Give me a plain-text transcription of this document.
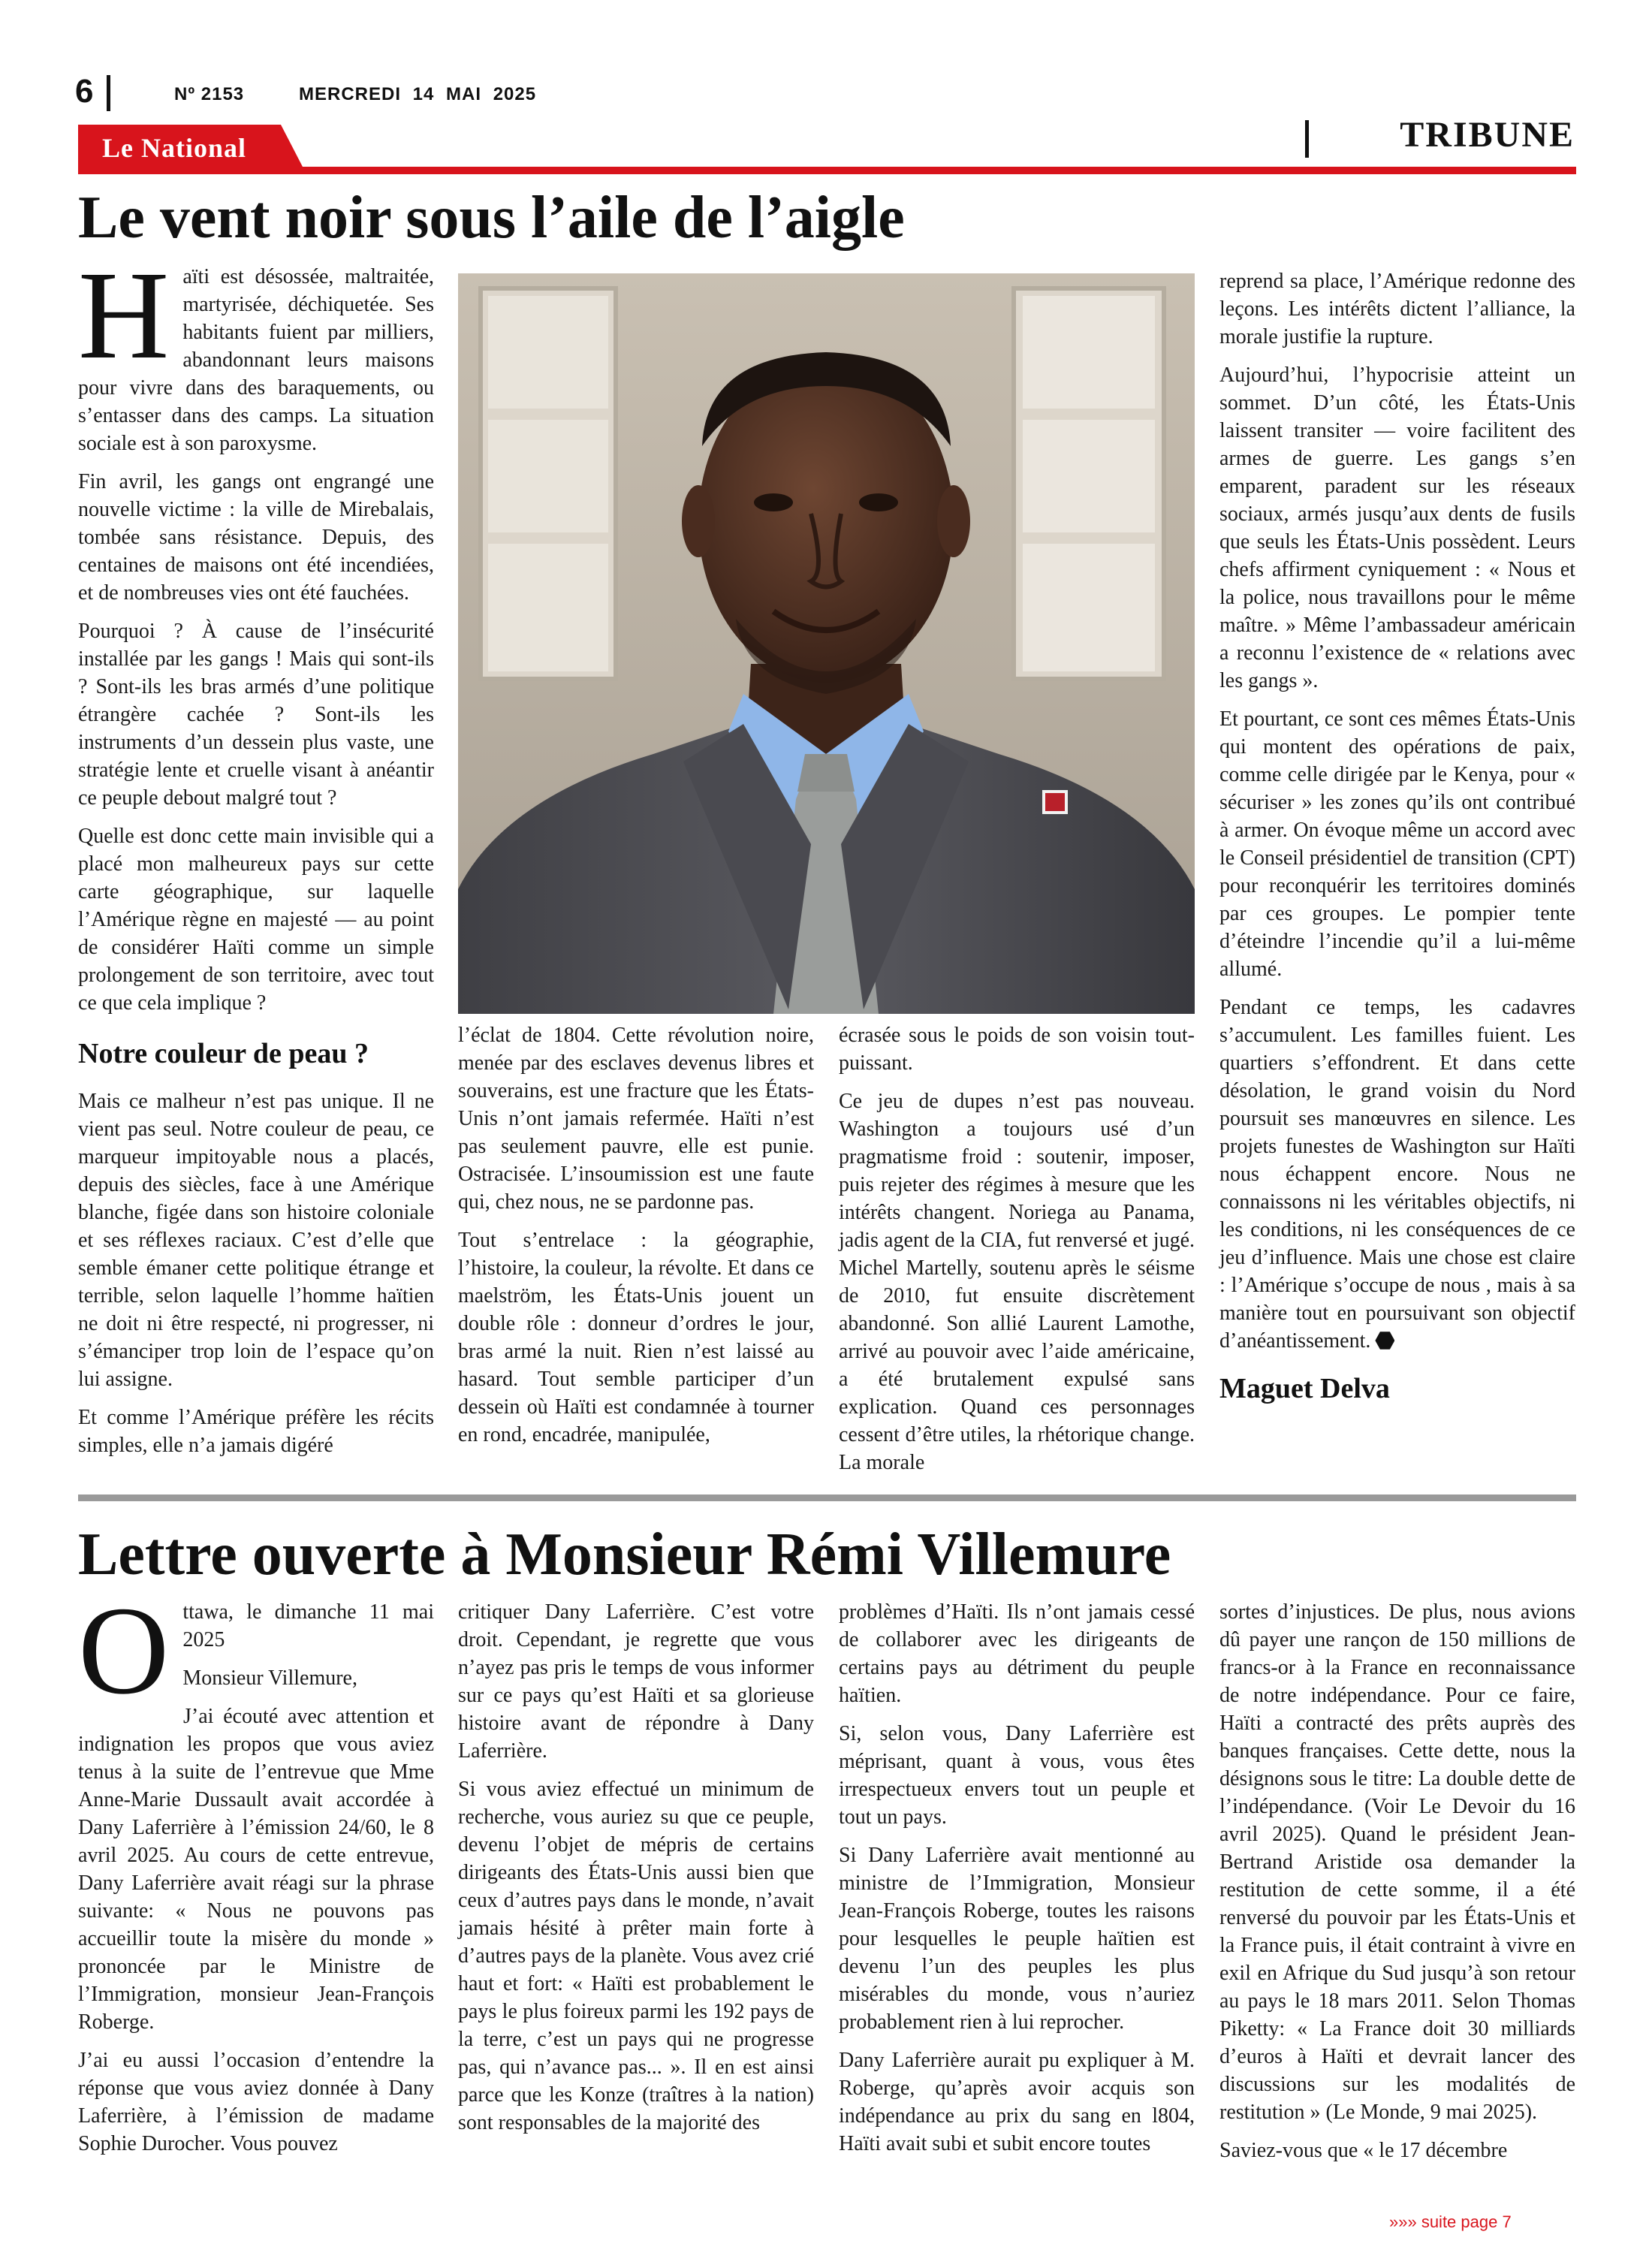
6	Nº 2153	MERCREDI 14 MAI 2025
Le National	TRIBUNE
Le vent noir sous l’aile de l’aigle
H aïti est désossée, maltraitée, martyrisée, déchiquetée. Ses habitants fuient par milliers, abandonnant leurs maisons pour vivre dans des baraquements, ou s’entasser dans des camps. La situation sociale est à son paroxysme.

Fin avril, les gangs ont engrangé une nouvelle victime : la ville de Mirebalais, tombée sans résistance. Depuis, des centaines de maisons ont été incendiées, et de nombreuses vies ont été fauchées.

Pourquoi ? À cause de l’insécurité installée par les gangs ! Mais qui sont-ils ? Sont-ils les bras armés d’une politique étrangère cachée ? Sont-ils les instruments d’un dessein plus vaste, une stratégie lente et cruelle visant à anéantir ce peuple debout malgré tout ?

Quelle est donc cette main invisible qui a placé mon malheureux pays sur cette carte géographique, sur laquelle l’Amérique règne en majesté — au point de considérer Haïti comme un simple prolongement de son territoire, avec tout ce que cela implique ?

Notre couleur de peau ?

Mais ce malheur n’est pas unique. Il ne vient pas seul. Notre couleur de peau, ce marqueur impitoyable nous a placés, depuis des siècles, face à une Amérique blanche, figée dans son histoire coloniale et ses réflexes raciaux. C’est d’elle que semble émaner cette politique étrange et terrible, selon laquelle l’homme haïtien ne doit ni être respecté, ni progresser, ni s’émanciper trop loin de l’espace qu’on lui assigne.

Et comme l’Amérique préfère les récits simples, elle n’a jamais digéré

l’éclat de 1804. Cette révolution noire, menée par des esclaves devenus libres et souverains, est une fracture que les États-Unis n’ont jamais refermée. Haïti n’est pas seulement pauvre, elle est punie. Ostracisée. L’insoumission est une faute qui, chez nous, ne se pardonne pas.

Tout s’entrelace : la géographie, l’histoire, la couleur, la révolte. Et dans ce maelström, les États-Unis jouent un double rôle : donneur d’ordres le jour, bras armé la nuit. Rien n’est laissé au hasard. Tout semble participer d’un dessein où Haïti est condamnée à tourner en rond, encadrée, manipulée,

écrasée sous le poids de son voisin tout-puissant.

Ce jeu de dupes n’est pas nouveau. Washington a toujours usé d’un pragmatisme froid : soutenir, imposer, puis rejeter des régimes à mesure que les intérêts changent. Noriega au Panama, jadis agent de la CIA, fut renversé et jugé. Michel Martelly, soutenu après le séisme de 2010, fut ensuite discrètement abandonné. Son allié Laurent Lamothe, arrivé au pouvoir avec l’aide américaine, a été brutalement expulsé sans explication. Quand ces personnages cessent d’être utiles, la rhétorique change. La morale

reprend sa place, l’Amérique redonne des leçons. Les intérêts dictent l’alliance, la morale justifie la rupture.

Aujourd’hui, l’hypocrisie atteint un sommet. D’un côté, les États-Unis laissent transiter — voire facilitent des armes de guerre. Les gangs s’en emparent, paradent sur les réseaux sociaux, armés jusqu’aux dents de fusils que seuls les États-Unis possèdent. Leurs chefs affirment cyniquement : « Nous et la police, nous travaillons pour le même maître. » Même l’ambassadeur américain a reconnu l’existence de « relations avec les gangs ».

Et pourtant, ce sont ces mêmes États-Unis qui montent des opérations de paix, comme celle dirigée par le Kenya, pour « sécuriser » les zones qu’ils ont contribué à armer. On évoque même un accord avec le Conseil présidentiel de transition (CPT) pour reconquérir les territoires dominés par ces groupes. Le pompier tente d’éteindre l’incendie qu’il a lui-même allumé.

Pendant ce temps, les cadavres s’accumulent. Les familles fuient. Les quartiers s’effondrent. Et dans cette désolation, le grand voisin du Nord poursuit ses manœuvres en silence. Les projets funestes de Washington sur Haïti nous échappent encore. Nous ne connaissons ni les véritables objectifs, ni les conditions, ni les conséquences de ce jeu d’influence. Mais une chose est claire : l’Amérique s’occupe de nous , mais à sa manière tout en poursuivant son objectif d’anéantissement.

Maguet Delva

Lettre ouverte à Monsieur Rémi Villemure
O ttawa, le dimanche 11 mai 2025

Monsieur Villemure,

J’ai écouté avec attention et indignation les propos que vous aviez tenus à la suite de l’entrevue que Mme Anne-Marie Dussault avait accordée à Dany Laferrière à l’émission 24/60, le 8 avril 2025. Au cours de cette entrevue, Dany Laferrière avait réagi sur la phrase suivante: « Nous ne pouvons pas accueillir toute la misère du monde » prononcée par le Ministre de l’Immigration, monsieur Jean-François Roberge.

J’ai eu aussi l’occasion d’entendre la réponse que vous aviez donnée à Dany Laferrière, à l’émission de madame Sophie Durocher. Vous pouvez

critiquer Dany Laferrière. C’est votre droit. Cependant, je regrette que vous n’ayez pas pris le temps de vous informer sur ce pays qu’est Haïti et sa glorieuse histoire avant de répondre à Dany Laferrière.

Si vous aviez effectué un minimum de recherche, vous auriez su que ce peuple, devenu l’objet de mépris de certains dirigeants des États-Unis aussi bien que ceux d’autres pays dans le monde, n’avait jamais hésité à prêter main forte à d’autres pays de la planète. Vous avez crié haut et fort: « Haïti est probablement le pays le plus foireux parmi les 192 pays de la terre, c’est un pays qui ne progresse pas, qui n’avance pas... ». Il en est ainsi parce que les Konze (traîtres à la nation) sont responsables de la majorité des

problèmes d’Haïti. Ils n’ont jamais cessé de collaborer avec les dirigeants de certains pays au détriment du peuple haïtien.

Si, selon vous, Dany Laferrière est méprisant, quant à vous, vous êtes irrespectueux envers tout un peuple et tout un pays.

Si Dany Laferrière avait mentionné au ministre de l’Immigration, Monsieur Jean-François Roberge, toutes les raisons pour lesquelles le peuple haïtien est devenu l’un des peuples les plus misérables du monde, vous n’auriez probablement rien à lui reprocher.

Dany Laferrière aurait pu expliquer à M. Roberge, qu’après avoir acquis son indépendance au prix du sang en l804, Haïti avait subi et subit encore toutes

sortes d’injustices. De plus, nous avions dû payer une rançon de 150 millions de francs-or à la France en reconnaissance de notre indépendance. Pour ce faire, Haïti a contracté des prêts auprès des banques françaises. Cette dette, nous la désignons sous le titre: La double dette de l’indépendance. (Voir Le Devoir du 16 avril 2025). Quand le président Jean-Bertrand Aristide osa demander la restitution de cette somme, il a été renversé du pouvoir par les États-Unis et la France puis, il était contraint à vivre en exil en Afrique du Sud jusqu’à son retour au pays le 18 mars 2011. Selon Thomas Piketty: « La France doit 30 milliards d’euros à Haïti et devrait lancer des discussions sur les modalités de restitution » (Le Monde, 9 mai 2025).

Saviez-vous que « le 17 décembre

»»» suite page 7
